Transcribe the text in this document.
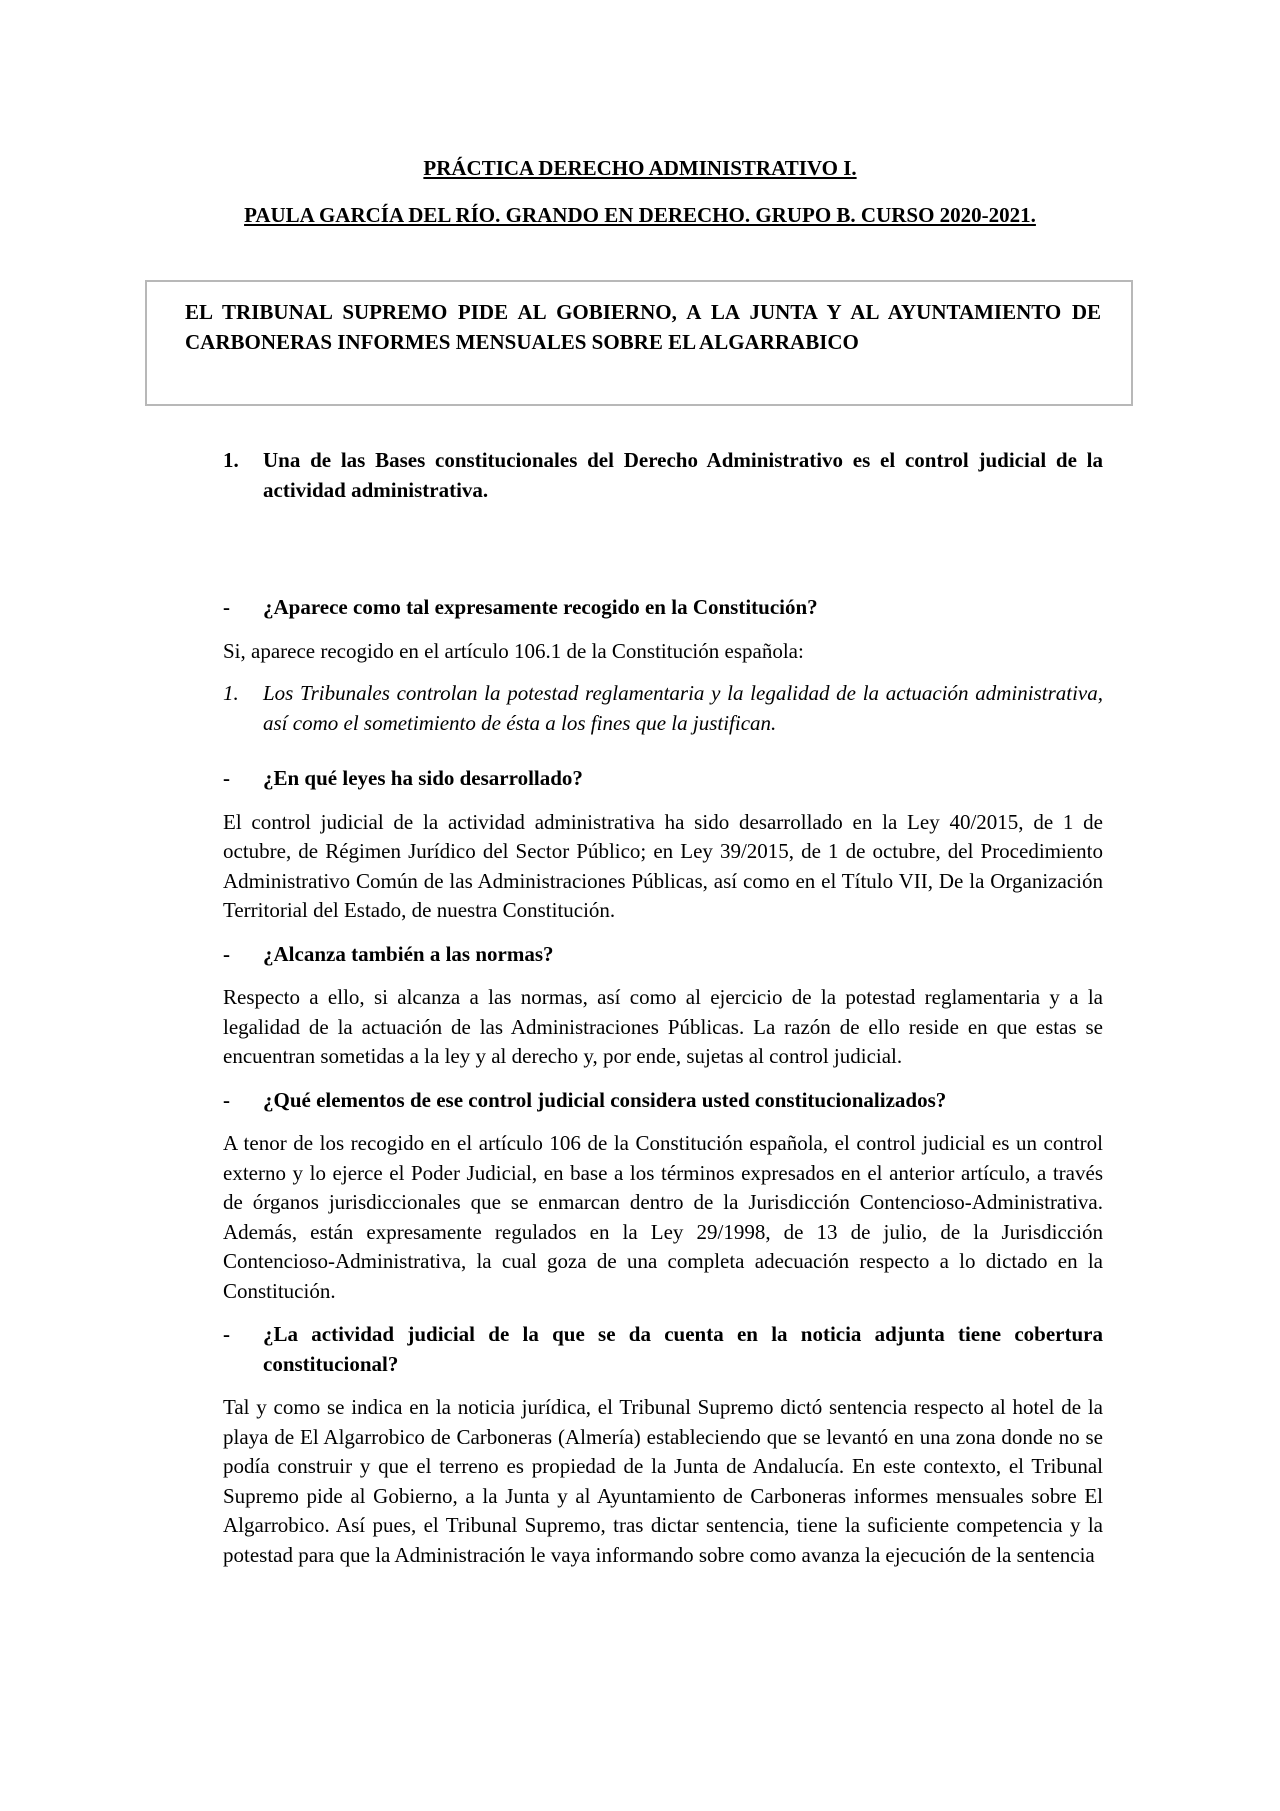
PRÁCTICA DERECHO ADMINISTRATIVO I.

PAULA GARCÍA DEL RÍO. GRANDO EN DERECHO. GRUPO B. CURSO 2020-2021.

EL TRIBUNAL SUPREMO PIDE AL GOBIERNO, A LA JUNTA Y AL AYUNTAMIENTO DE CARBONERAS INFORMES MENSUALES SOBRE EL ALGARRABICO

1. Una de las Bases constitucionales del Derecho Administrativo es el control judicial de la actividad administrativa.

- ¿Aparece como tal expresamente recogido en la Constitución?

Si, aparece recogido en el artículo 106.1 de la Constitución española:

1. Los Tribunales controlan la potestad reglamentaria y la legalidad de la actuación administrativa, así como el sometimiento de ésta a los fines que la justifican.

- ¿En qué leyes ha sido desarrollado?

El control judicial de la actividad administrativa ha sido desarrollado en la Ley 40/2015, de 1 de octubre, de Régimen Jurídico del Sector Público; en Ley 39/2015, de 1 de octubre, del Procedimiento Administrativo Común de las Administraciones Públicas, así como en el Título VII, De la Organización Territorial del Estado, de nuestra Constitución.

- ¿Alcanza también a las normas?

Respecto a ello, si alcanza a las normas, así como al ejercicio de la potestad reglamentaria y a la legalidad de la actuación de las Administraciones Públicas. La razón de ello reside en que estas se encuentran sometidas a la ley y al derecho y, por ende, sujetas al control judicial.

- ¿Qué elementos de ese control judicial considera usted constitucionalizados?

A tenor de los recogido en el artículo 106 de la Constitución española, el control judicial es un control externo y lo ejerce el Poder Judicial, en base a los términos expresados en el anterior artículo, a través de órganos jurisdiccionales que se enmarcan dentro de la Jurisdicción Contencioso-Administrativa. Además, están expresamente regulados en la Ley 29/1998, de 13 de julio, de la Jurisdicción Contencioso-Administrativa, la cual goza de una completa adecuación respecto a lo dictado en la Constitución.

- ¿La actividad judicial de la que se da cuenta en la noticia adjunta tiene cobertura constitucional?

Tal y como se indica en la noticia jurídica, el Tribunal Supremo dictó sentencia respecto al hotel de la playa de El Algarrobico de Carboneras (Almería) estableciendo que se levantó en una zona donde no se podía construir y que el terreno es propiedad de la Junta de Andalucía. En este contexto, el Tribunal Supremo pide al Gobierno, a la Junta y al Ayuntamiento de Carboneras informes mensuales sobre El Algarrobico. Así pues, el Tribunal Supremo, tras dictar sentencia, tiene la suficiente competencia y la potestad para que la Administración le vaya informando sobre como avanza la ejecución de la sentencia
